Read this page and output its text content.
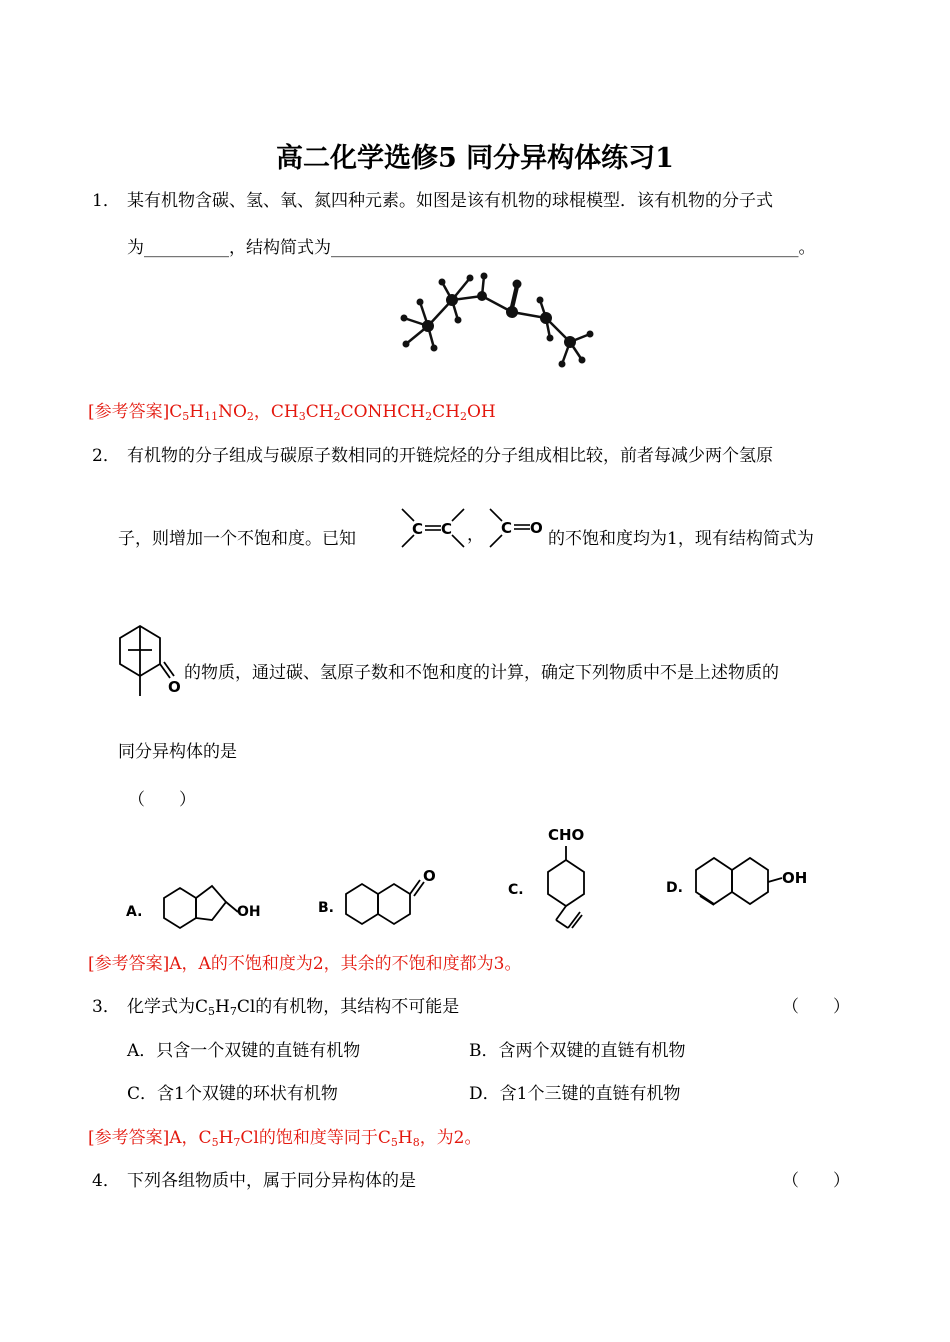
高二化学选修5 同分异构体练习1
1． 某有机物含碳、氢、氧、氮四种元素。如图是该有机物的球棍模型．该有机物的分子式
为__________，结构简式为_______________________________________________________。
[参考答案]$C_5H_{11}NO_2$，$CH_3CH_2CONHCH_2CH_2OH$
2． 有机物的分子组成与碳原子数相同的开链烷烃的分子组成相比较，前者每减少两个氢原
子，则增加一个不饱和度。已知	C C ， C O
的不饱和度均为1，现有结构简式为
O
的物质，通过碳、氢原子数和不饱和度的计算，确定下列物质中不是上述物质的
同分异构体的是
（　　）
A.	OH	B.
O
CHO
C.	D.
OH
[参考答案]A，A的不饱和度为2，其余的不饱和度都为3。
3． 化学式为$C_5H_7Cl$的有机物，其结构不可能是	（　　）
A．只含一个双键的直链有机物	B．含两个双键的直链有机物
C．含1个双键的环状有机物	D．含1个三键的直链有机物
[参考答案]A，$C_5H_7Cl$的饱和度等同于$C_5H_8$，为2。
4． 下列各组物质中，属于同分异构体的是	（　　）
